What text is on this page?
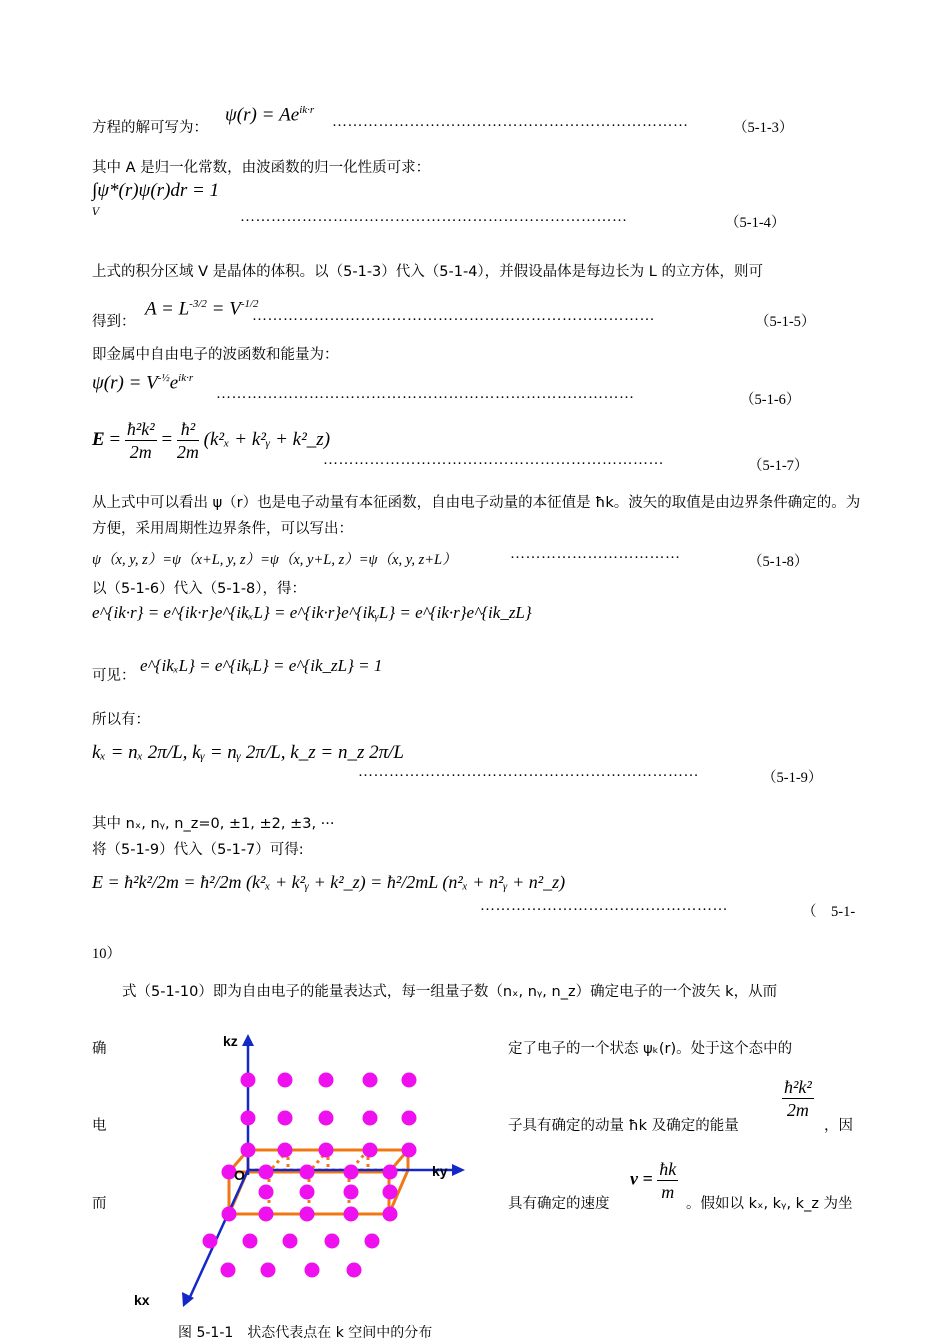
方程的解可写为：
$\psi(r) = Ae^{ik\cdot r}$
……………………………………………………………	（5-1-3）
其中 A 是归一化常数，由波函数的归一化性质可求：
∫ψ*(r)ψ(r)dr = 1
V	…………………………………………………………………	（5-1-4）
上式的积分区域 V 是晶体的体积。以（5-1-3）代入（5-1-4），并假设晶体是每边长为 L 的立方体，则可
得到：
$A = L^{-3/2} = V^{-1/2}$
……………………………………………………………………	（5-1-5）
即金属中自由电子的波函数和能量为：
$\psi(r) = V^{-\frac{1}{2}}e^{ik\cdot r}$
………………………………………………………………………	（5-1-6）
$E = \frac{\text{ħ²k²}}{2m} = \frac{\text{ħ²}}{2m} (k^2_x$ + k²ᵧ + k²_z)
…………………………………………………………	（5-1-7）
从上式中可以看出 ψ（r）也是电子动量有本征函数，自由电子动量的本征值是 ħk。波矢的取值是由边界条件确定的。为方便，采用周期性边界条件，可以写出：
ψ（x, y, z）=ψ（x+L, y, z）=ψ（x, y+L, z）=ψ（x, y, z+L）	……………………………	（5-1-8）
以（5-1-6）代入（5-1-8），得：
e^{ik·r} = e^{ik·r}e^{ikₓL} = e^{ik·r}e^{ikᵧL} = e^{ik·r}e^{ik_zL}
可见：
e^{ikₓL} = e^{ikᵧL} = e^{ik_zL} = 1
所以有：
kₓ = nₓ 2π/L, kᵧ = nᵧ 2π/L, k_z = n_z 2π/L
…………………………………………………………	（5-1-9）
其中 nₓ, nᵧ, n_z=0, ±1, ±2, ±3, ···
将（5-1-9）代入（5-1-7）可得:
E = ħ²k²/2m = ħ²/2m (k²ₓ + k²ᵧ + k²_z) = ħ²/2mL (n²ₓ + n²ᵧ + n²_z)
…………………………………………	（　5-1-
10）
式（5-1-10）即为自由电子的能量表达式，每一组量子数（nₓ, nᵧ, n_z）确定电子的一个波矢 k，从而
确
电
而
定了电子的一个状态 ψₖ(r)。处于这个态中的
子具有确定的动量 ħk 及确定的能量
$\frac{\text{ħ²k²}}{2m}$
，因
具有确定的速度
$v = \frac{ħk}{m}$
。假如以 kₓ, kᵧ, k_z 为坐
kz
ky
kx
O
图 5-1-1　状态代表点在 k 空间中的分布
